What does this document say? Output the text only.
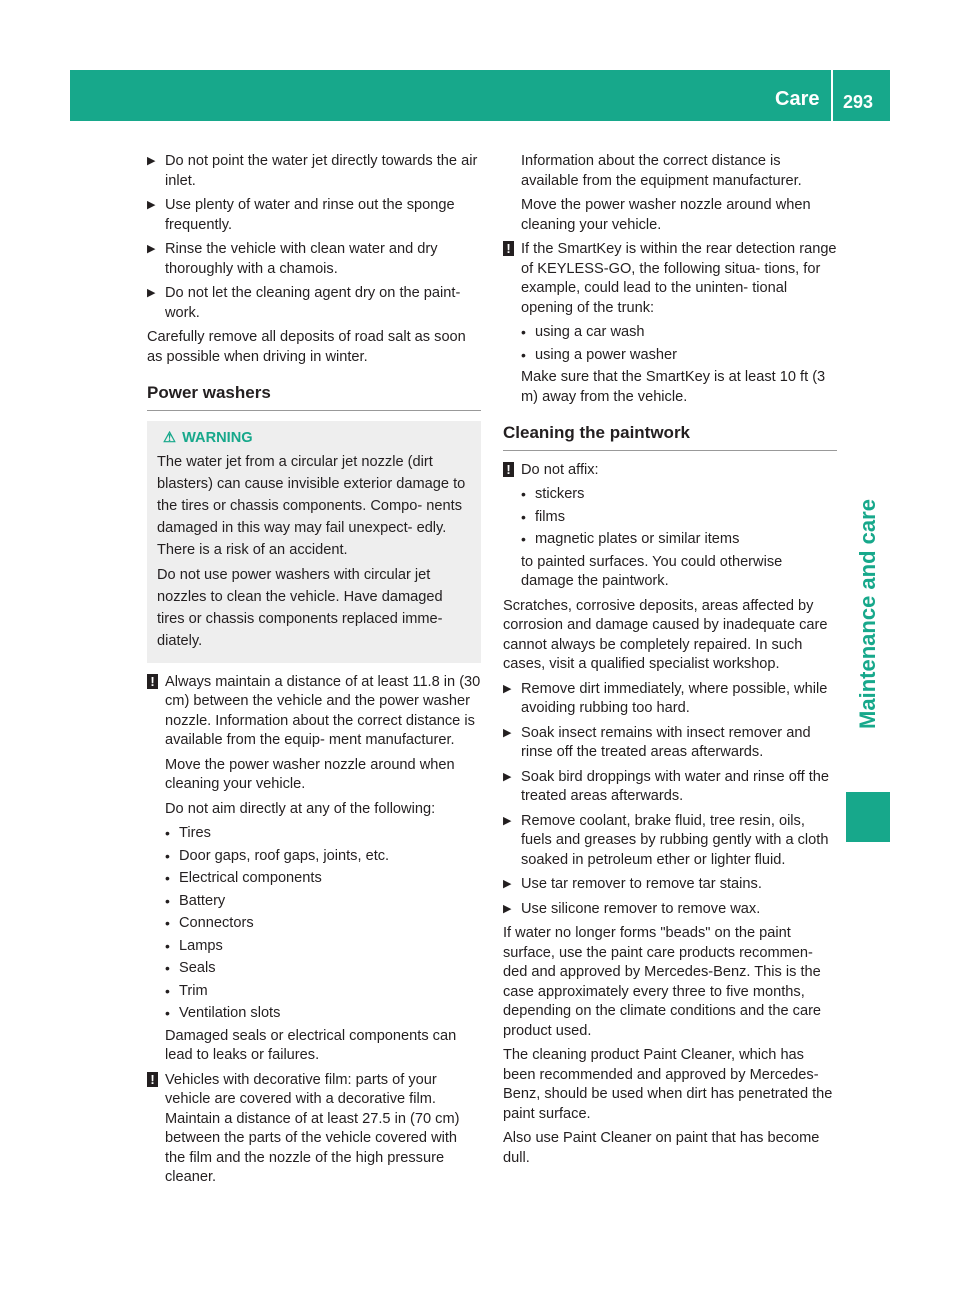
Care 293
Maintenance and care
▶ Do not point the water jet directly towards the air inlet.
▶ Use plenty of water and rinse out the sponge frequently.
▶ Rinse the vehicle with clean water and dry thoroughly with a chamois.
▶ Do not let the cleaning agent dry on the paint- work.

Carefully remove all deposits of road salt as soon as possible when driving in winter.

Power washers
⚠ WARNING

The water jet from a circular jet nozzle (dirt blasters) can cause invisible exterior damage to the tires or chassis components. Compo- nents damaged in this way may fail unexpect- edly. There is a risk of an accident.

Do not use power washers with circular jet nozzles to clean the vehicle. Have damaged tires or chassis components replaced imme- diately.

! Always maintain a distance of at least 11.8 in (30 cm) between the vehicle and the power washer nozzle. Information about the correct distance is available from the equip- ment manufacturer.
Move the power washer nozzle around when cleaning your vehicle.
Do not aim directly at any of the following:
• Tires
• Door gaps, roof gaps, joints, etc.
• Electrical components
• Battery
• Connectors
• Lamps
• Seals
• Trim
• Ventilation slots
Damaged seals or electrical components can lead to leaks or failures.
! Vehicles with decorative film: parts of your vehicle are covered with a decorative film. Maintain a distance of at least 27.5 in (70 cm) between the parts of the vehicle covered with the film and the nozzle of the high pressure cleaner.
Information about the correct distance is available from the equipment manufacturer.
Move the power washer nozzle around when cleaning your vehicle.
! If the SmartKey is within the rear detection range of KEYLESS-GO, the following situa- tions, for example, could lead to the uninten- tional opening of the trunk:
• using a car wash
• using a power washer
Make sure that the SmartKey is at least 10 ft (3 m) away from the vehicle.
Cleaning the paintwork
! Do not affix:
• stickers
• films
• magnetic plates or similar items
to painted surfaces. You could otherwise damage the paintwork.

Scratches, corrosive deposits, areas affected by corrosion and damage caused by inadequate care cannot always be completely repaired. In such cases, visit a qualified specialist workshop.

▶ Remove dirt immediately, where possible, while avoiding rubbing too hard.
▶ Soak insect remains with insect remover and rinse off the treated areas afterwards.
▶ Soak bird droppings with water and rinse off the treated areas afterwards.
▶ Remove coolant, brake fluid, tree resin, oils, fuels and greases by rubbing gently with a cloth soaked in petroleum ether or lighter fluid.
▶ Use tar remover to remove tar stains.
▶ Use silicone remover to remove wax.

If water no longer forms "beads" on the paint surface, use the paint care products recommen- ded and approved by Mercedes-Benz. This is the case approximately every three to five months, depending on the climate conditions and the care product used.

The cleaning product Paint Cleaner, which has been recommended and approved by Mercedes-Benz, should be used when dirt has penetrated the paint surface.

Also use Paint Cleaner on paint that has become dull.
